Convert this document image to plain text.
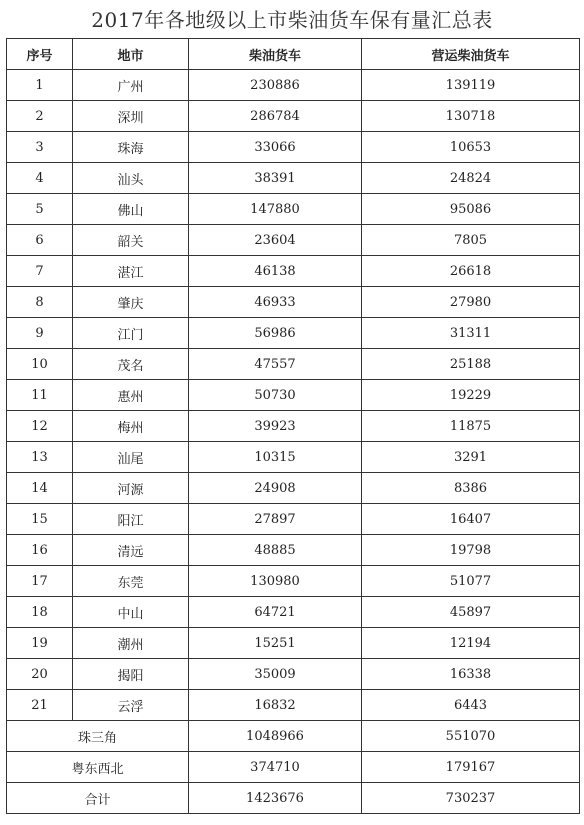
2017年各地级以上市柴油货车保有量汇总表
序号	地市	柴油货车	营运柴油货车
1	广州	230886	139119
2	深圳	286784	130718
3	珠海	33066	10653
4	汕头	38391	24824
5	佛山	147880	95086
6	韶关	23604	7805
7	湛江	46138	26618
8	肇庆	46933	27980
9	江门	56986	31311
10	茂名	47557	25188
11	惠州	50730	19229
12	梅州	39923	11875
13	汕尾	10315	3291
14	河源	24908	8386
15	阳江	27897	16407
16	清远	48885	19798
17	东莞	130980	51077
18	中山	64721	45897
19	潮州	15251	12194
20	揭阳	35009	16338
21	云浮	16832	6443
珠三角		1048966	551070
粤东西北		374710	179167
合计		1423676	730237
